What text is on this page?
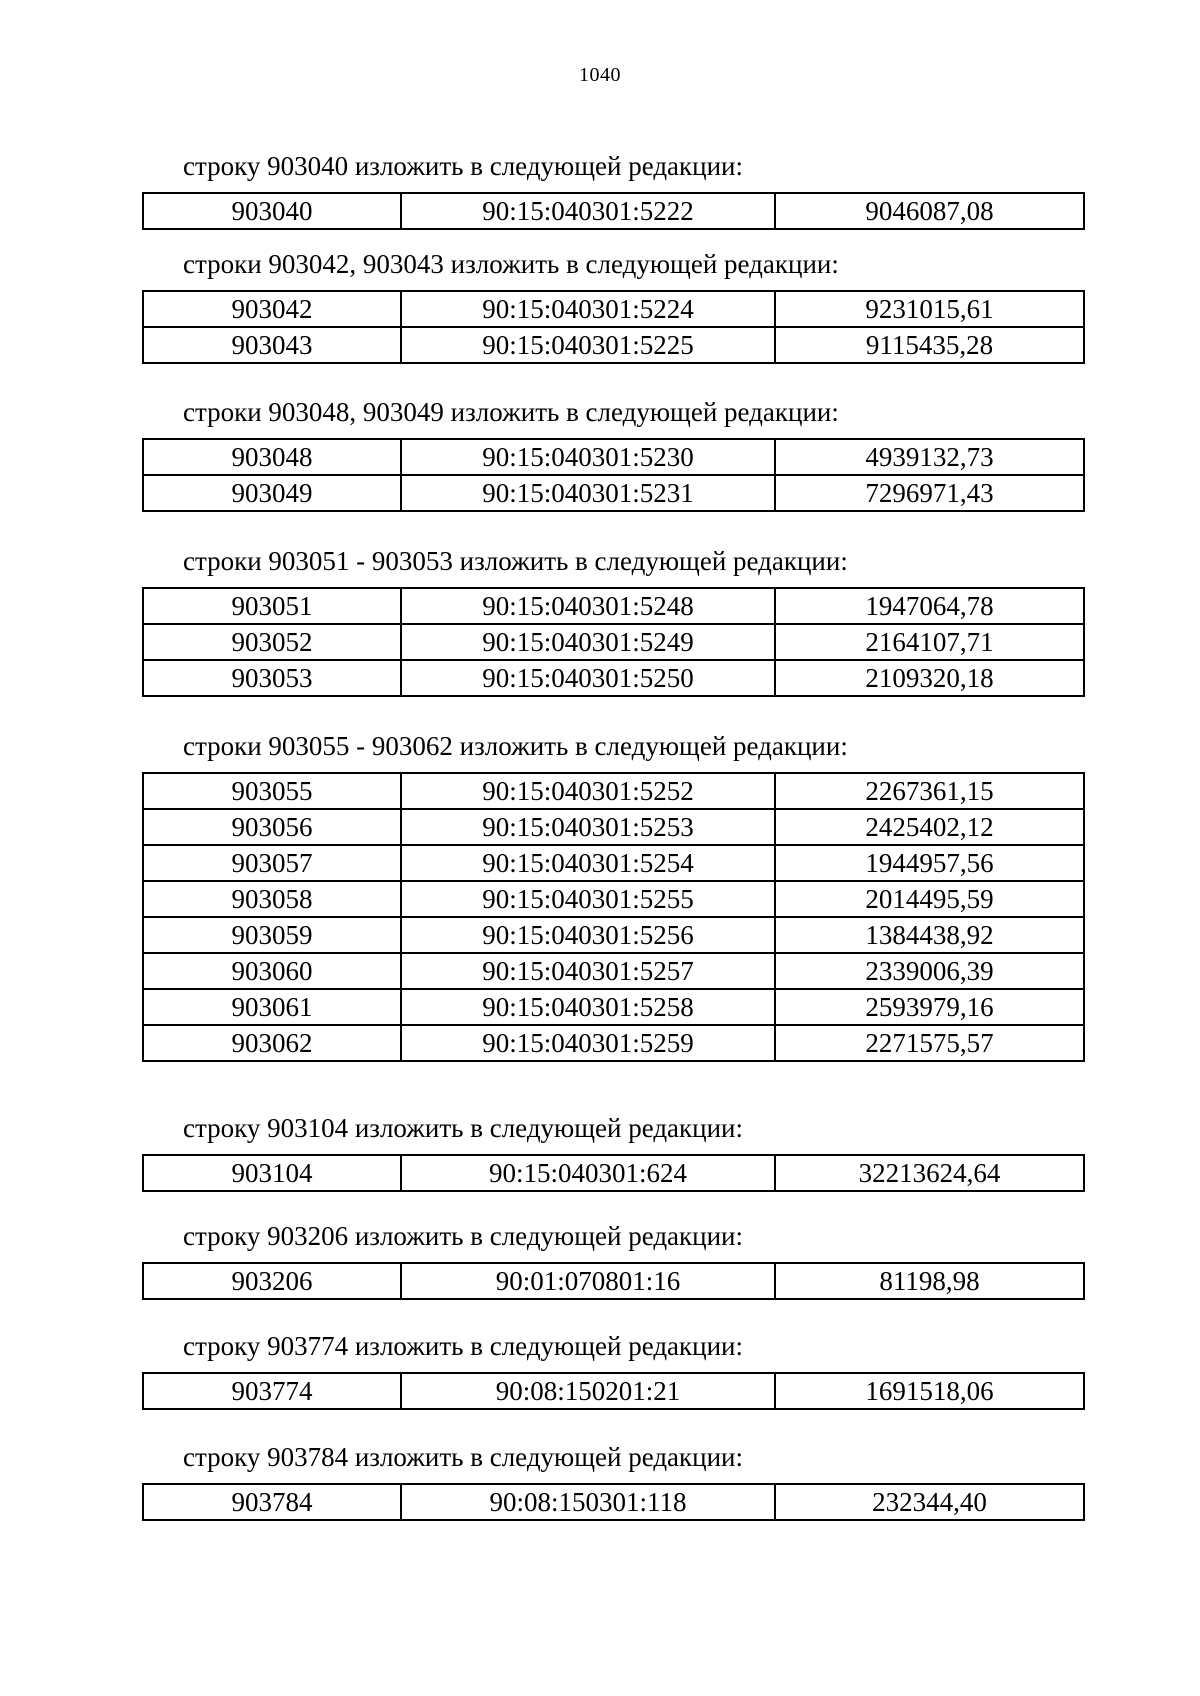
1040
строку 903040 изложить в следующей редакции:
903040	90:15:040301:5222	9046087,08
строки 903042, 903043 изложить в следующей редакции:
903042	90:15:040301:5224	9231015,61
903043	90:15:040301:5225	9115435,28
строки 903048, 903049 изложить в следующей редакции:
903048	90:15:040301:5230	4939132,73
903049	90:15:040301:5231	7296971,43
строки 903051 - 903053 изложить в следующей редакции:
903051	90:15:040301:5248	1947064,78
903052	90:15:040301:5249	2164107,71
903053	90:15:040301:5250	2109320,18
строки 903055 - 903062 изложить в следующей редакции:
903055	90:15:040301:5252	2267361,15
903056	90:15:040301:5253	2425402,12
903057	90:15:040301:5254	1944957,56
903058	90:15:040301:5255	2014495,59
903059	90:15:040301:5256	1384438,92
903060	90:15:040301:5257	2339006,39
903061	90:15:040301:5258	2593979,16
903062	90:15:040301:5259	2271575,57
строку 903104 изложить в следующей редакции:
903104	90:15:040301:624	32213624,64
строку 903206 изложить в следующей редакции:
903206	90:01:070801:16	81198,98
строку 903774 изложить в следующей редакции:
903774	90:08:150201:21	1691518,06
строку 903784 изложить в следующей редакции:
903784	90:08:150301:118	232344,40
